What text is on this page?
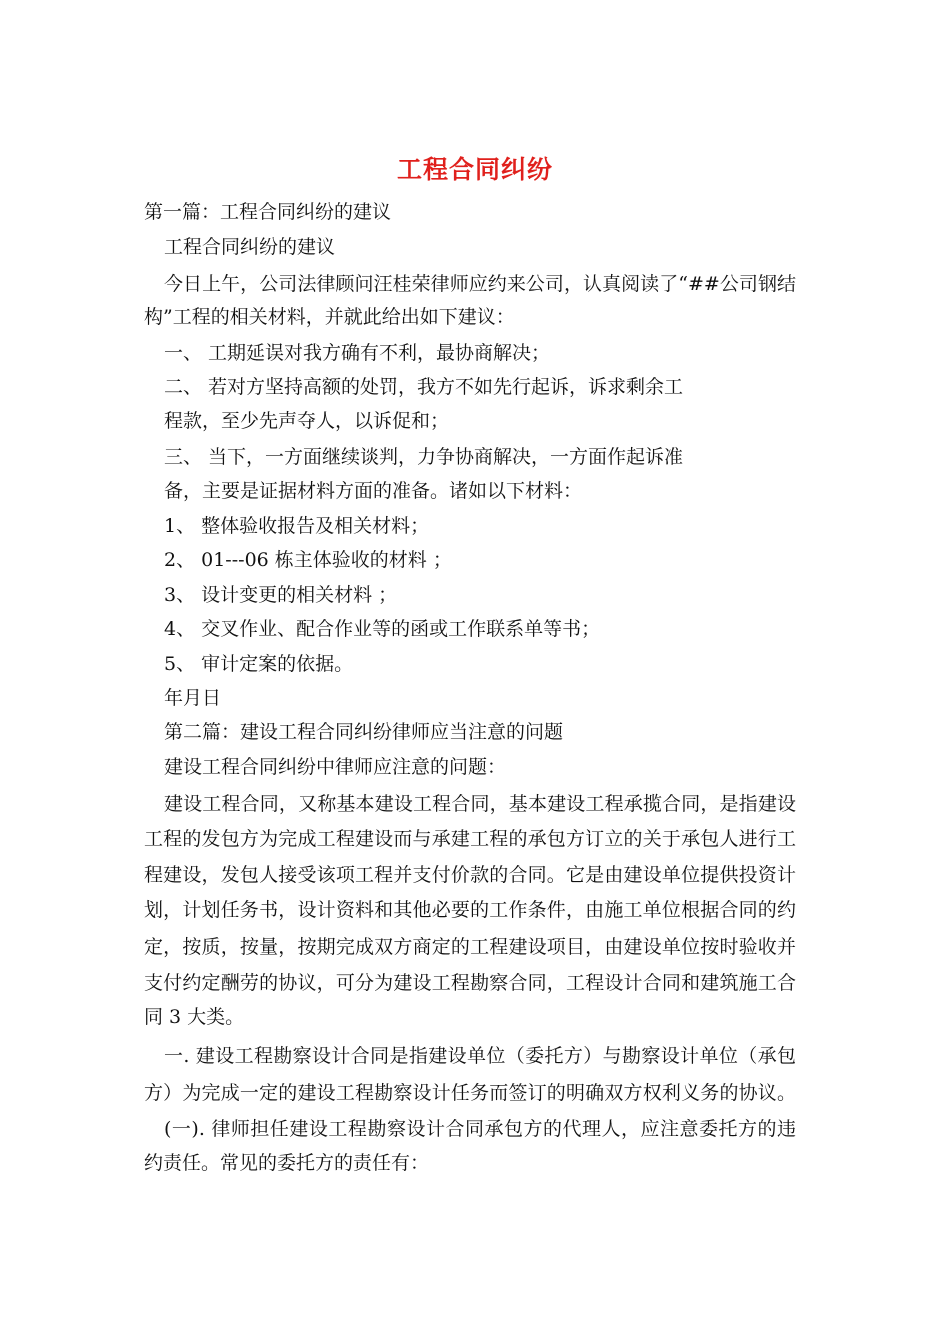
工程合同纠纷
第一篇：工程合同纠纷的建议
工程合同纠纷的建议
今日上午，公司法律顾问汪桂荣律师应约来公司，认真阅读了“##公司钢结
构”工程的相关材料，并就此给出如下建议：
一、 工期延误对我方确有不利，最协商解决；
二、 若对方坚持高额的处罚，我方不如先行起诉，诉求剩余工
程款，至少先声夺人，以诉促和；
三、 当下，一方面继续谈判，力争协商解决，一方面作起诉准
备，主要是证据材料方面的准备。诸如以下材料：
1、 整体验收报告及相关材料；
2、 01---06 栋主体验收的材料 ；
3、 设计变更的相关材料 ；
4、 交叉作业、配合作业等的函或工作联系单等书；
5、 审计定案的依据。
年月日
第二篇：建设工程合同纠纷律师应当注意的问题
建设工程合同纠纷中律师应注意的问题：
建设工程合同，又称基本建设工程合同，基本建设工程承揽合同，是指建设
工程的发包方为完成工程建设而与承建工程的承包方订立的关于承包人进行工
程建设，发包人接受该项工程并支付价款的合同。它是由建设单位提供投资计
划，计划任务书，设计资料和其他必要的工作条件，由施工单位根据合同的约
定，按质，按量，按期完成双方商定的工程建设项目，由建设单位按时验收并
支付约定酬劳的协议，可分为建设工程勘察合同，工程设计合同和建筑施工合
同 3 大类。
一. 建设工程勘察设计合同是指建设单位（委托方）与勘察设计单位（承包
方）为完成一定的建设工程勘察设计任务而签订的明确双方权利义务的协议。
(一). 律师担任建设工程勘察设计合同承包方的代理人，应注意委托方的违
约责任。常见的委托方的责任有：
